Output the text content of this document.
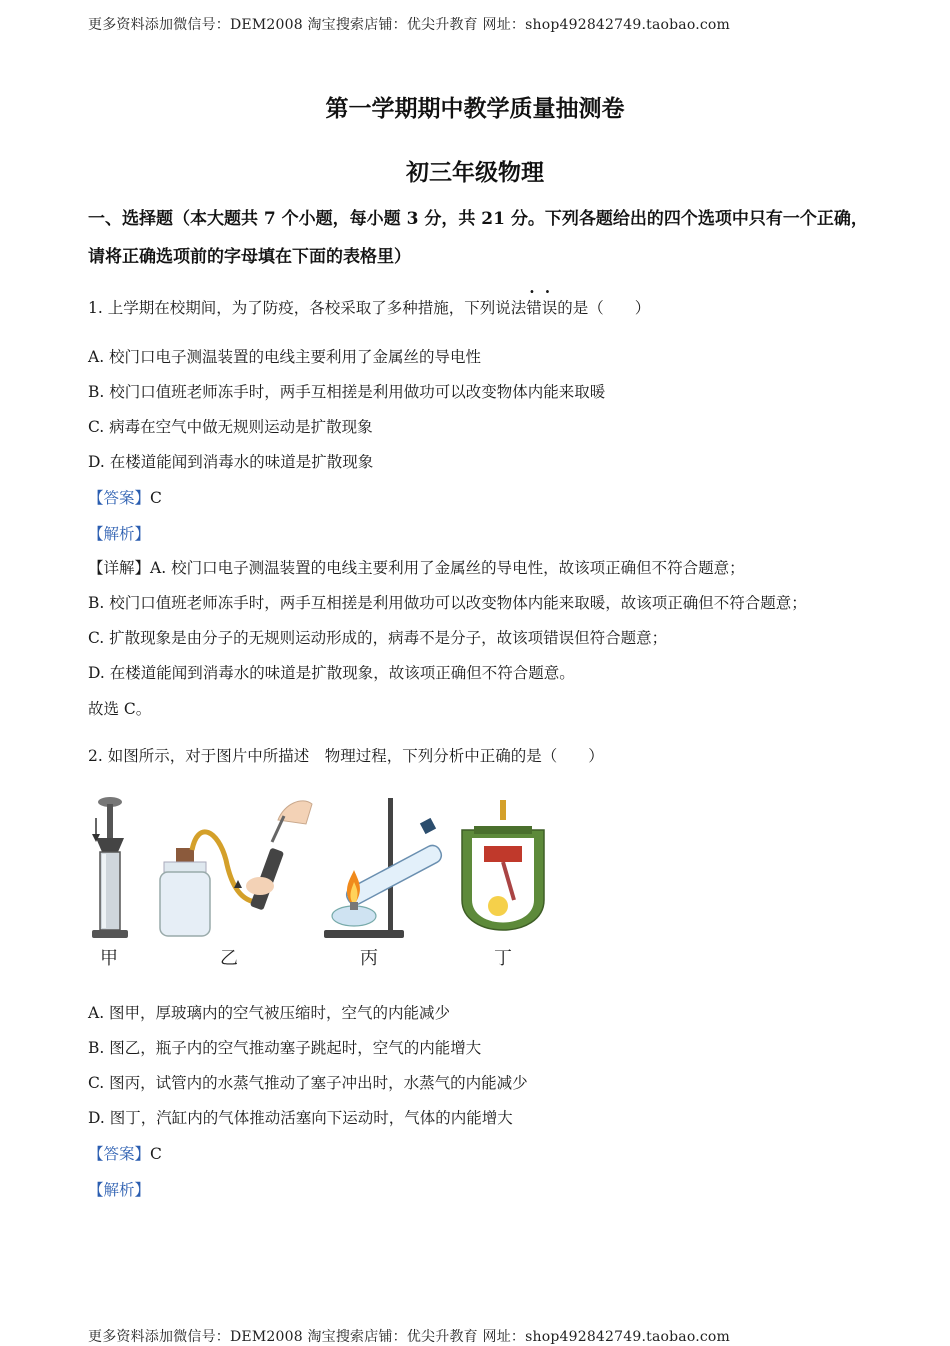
更多资料添加微信号：DEM2008 淘宝搜索店铺：优尖升教育 网址：shop492842749.taobao.com
第一学期期中教学质量抽测卷
初三年级物理
一、选择题（本大题共 7 个小题，每小题 3 分，共 21 分。下列各题给出的四个选项中只有一个正确，请将正确选项前的字母填在下面的表格里）
1. 上学期在校期间，为了防疫，各校采取了多种措施，下列说法错误的是（　　）
A. 校门口电子测温装置的电线主要利用了金属丝的导电性
B. 校门口值班老师冻手时，两手互相搓是利用做功可以改变物体内能来取暖
C. 病毒在空气中做无规则运动是扩散现象
D. 在楼道能闻到消毒水的味道是扩散现象
【答案】C
【解析】
【详解】A. 校门口电子测温装置的电线主要利用了金属丝的导电性，故该项正确但不符合题意；
B. 校门口值班老师冻手时，两手互相搓是利用做功可以改变物体内能来取暖，故该项正确但不符合题意；
C. 扩散现象是由分子的无规则运动形成的，病毒不是分子，故该项错误但符合题意；
D. 在楼道能闻到消毒水的味道是扩散现象，故该项正确但不符合题意。
故选 C。
2. 如图所示，对于图片中所描述　物理过程，下列分析中正确的是（　　）
甲	乙	丙	丁
A. 图甲，厚玻璃内的空气被压缩时，空气的内能减少
B. 图乙，瓶子内的空气推动塞子跳起时，空气的内能增大
C. 图丙，试管内的水蒸气推动了塞子冲出时，水蒸气的内能减少
D. 图丁，汽缸内的气体推动活塞向下运动时，气体的内能增大
【答案】C
【解析】
更多资料添加微信号：DEM2008 淘宝搜索店铺：优尖升教育 网址：shop492842749.taobao.com
